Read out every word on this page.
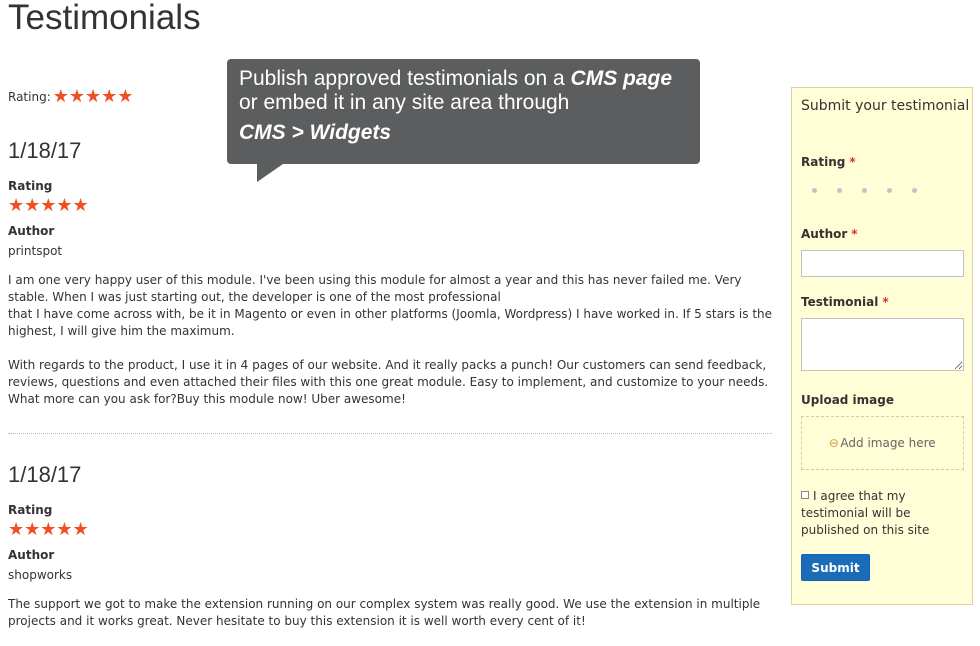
Testimonials
Rating: ★★★★★

1/18/17

Rating

★★★★★

Author

printspot

I am one very happy user of this module. I've been using this module for almost a year and this has never failed me. Very stable. When I was just starting out, the developer is one of the most professional

that I have come across with, be it in Magento or even in other platforms (Joomla, Wordpress) I have worked in. If 5 stars is the highest, I will give him the maximum.

With regards to the product, I use it in 4 pages of our website. And it really packs a punch! Our customers can send feedback, reviews, questions and even attached their files with this one great module. Easy to implement, and customize to your needs. What more can you ask for?Buy this module now! Uber awesome!

1/18/17

Rating

★★★★★

Author

shopworks

The support we got to make the extension running on our complex system was really good. We use the extension in multiple projects and it works great. Never hesitate to buy this extension it is well worth every cent of it!

Publish approved testimonials on a CMS page
or embed it in any site area through
CMS > Widgets
Submit your testimonial
Rating *
Author *
Testimonial *
Upload image
⊘
Add image here
I agree that my testimonial will be published on this site
Submit
